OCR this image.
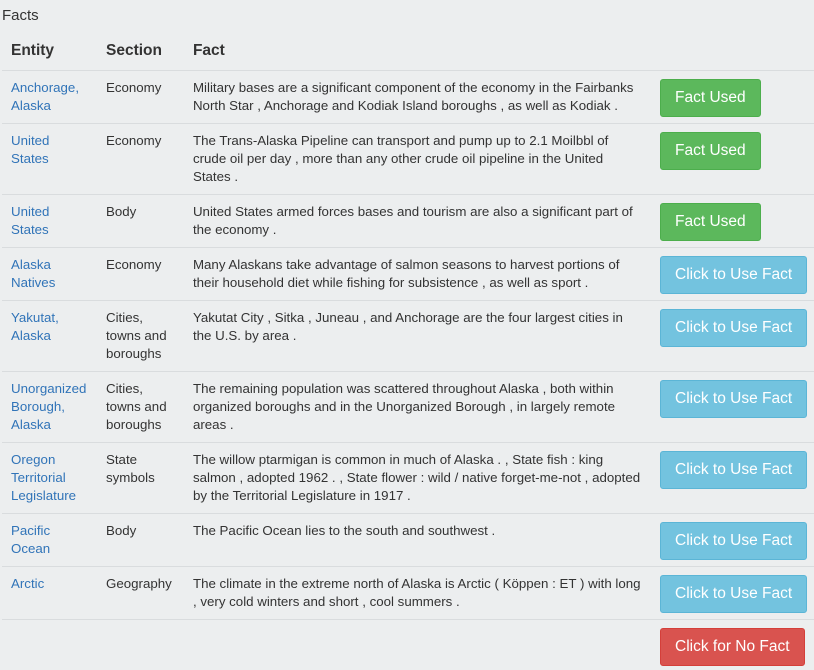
Facts
Entity	Section	Fact	
Anchorage, Alaska	Economy	Military bases are a significant component of the economy in the Fairbanks North Star , Anchorage and Kodiak Island boroughs , as well as Kodiak .	Fact Used
United States	Economy	The Trans-Alaska Pipeline can transport and pump up to 2.1 Moilbbl of crude oil per day , more than any other crude oil pipeline in the United States .	Fact Used
United States	Body	United States armed forces bases and tourism are also a significant part of the economy .	Fact Used
Alaska Natives	Economy	Many Alaskans take advantage of salmon seasons to harvest portions of their household diet while fishing for subsistence , as well as sport .	Click to Use Fact
Yakutat, Alaska	Cities, towns and boroughs	Yakutat City , Sitka , Juneau , and Anchorage are the four largest cities in the U.S. by area .	Click to Use Fact
Unorganized Borough, Alaska	Cities, towns and boroughs	The remaining population was scattered throughout Alaska , both within organized boroughs and in the Unorganized Borough , in largely remote areas .	Click to Use Fact
Oregon Territorial Legislature	State symbols	The willow ptarmigan is common in much of Alaska . , State fish : king salmon , adopted 1962 . , State flower : wild / native forget-me-not , adopted by the Territorial Legislature in 1917 .	Click to Use Fact
Pacific Ocean	Body	The Pacific Ocean lies to the south and southwest .	Click to Use Fact
Arctic	Geography	The climate in the extreme north of Alaska is Arctic ( Köppen : ET ) with long , very cold winters and short , cool summers .	Click to Use Fact
			Click for No Fact
